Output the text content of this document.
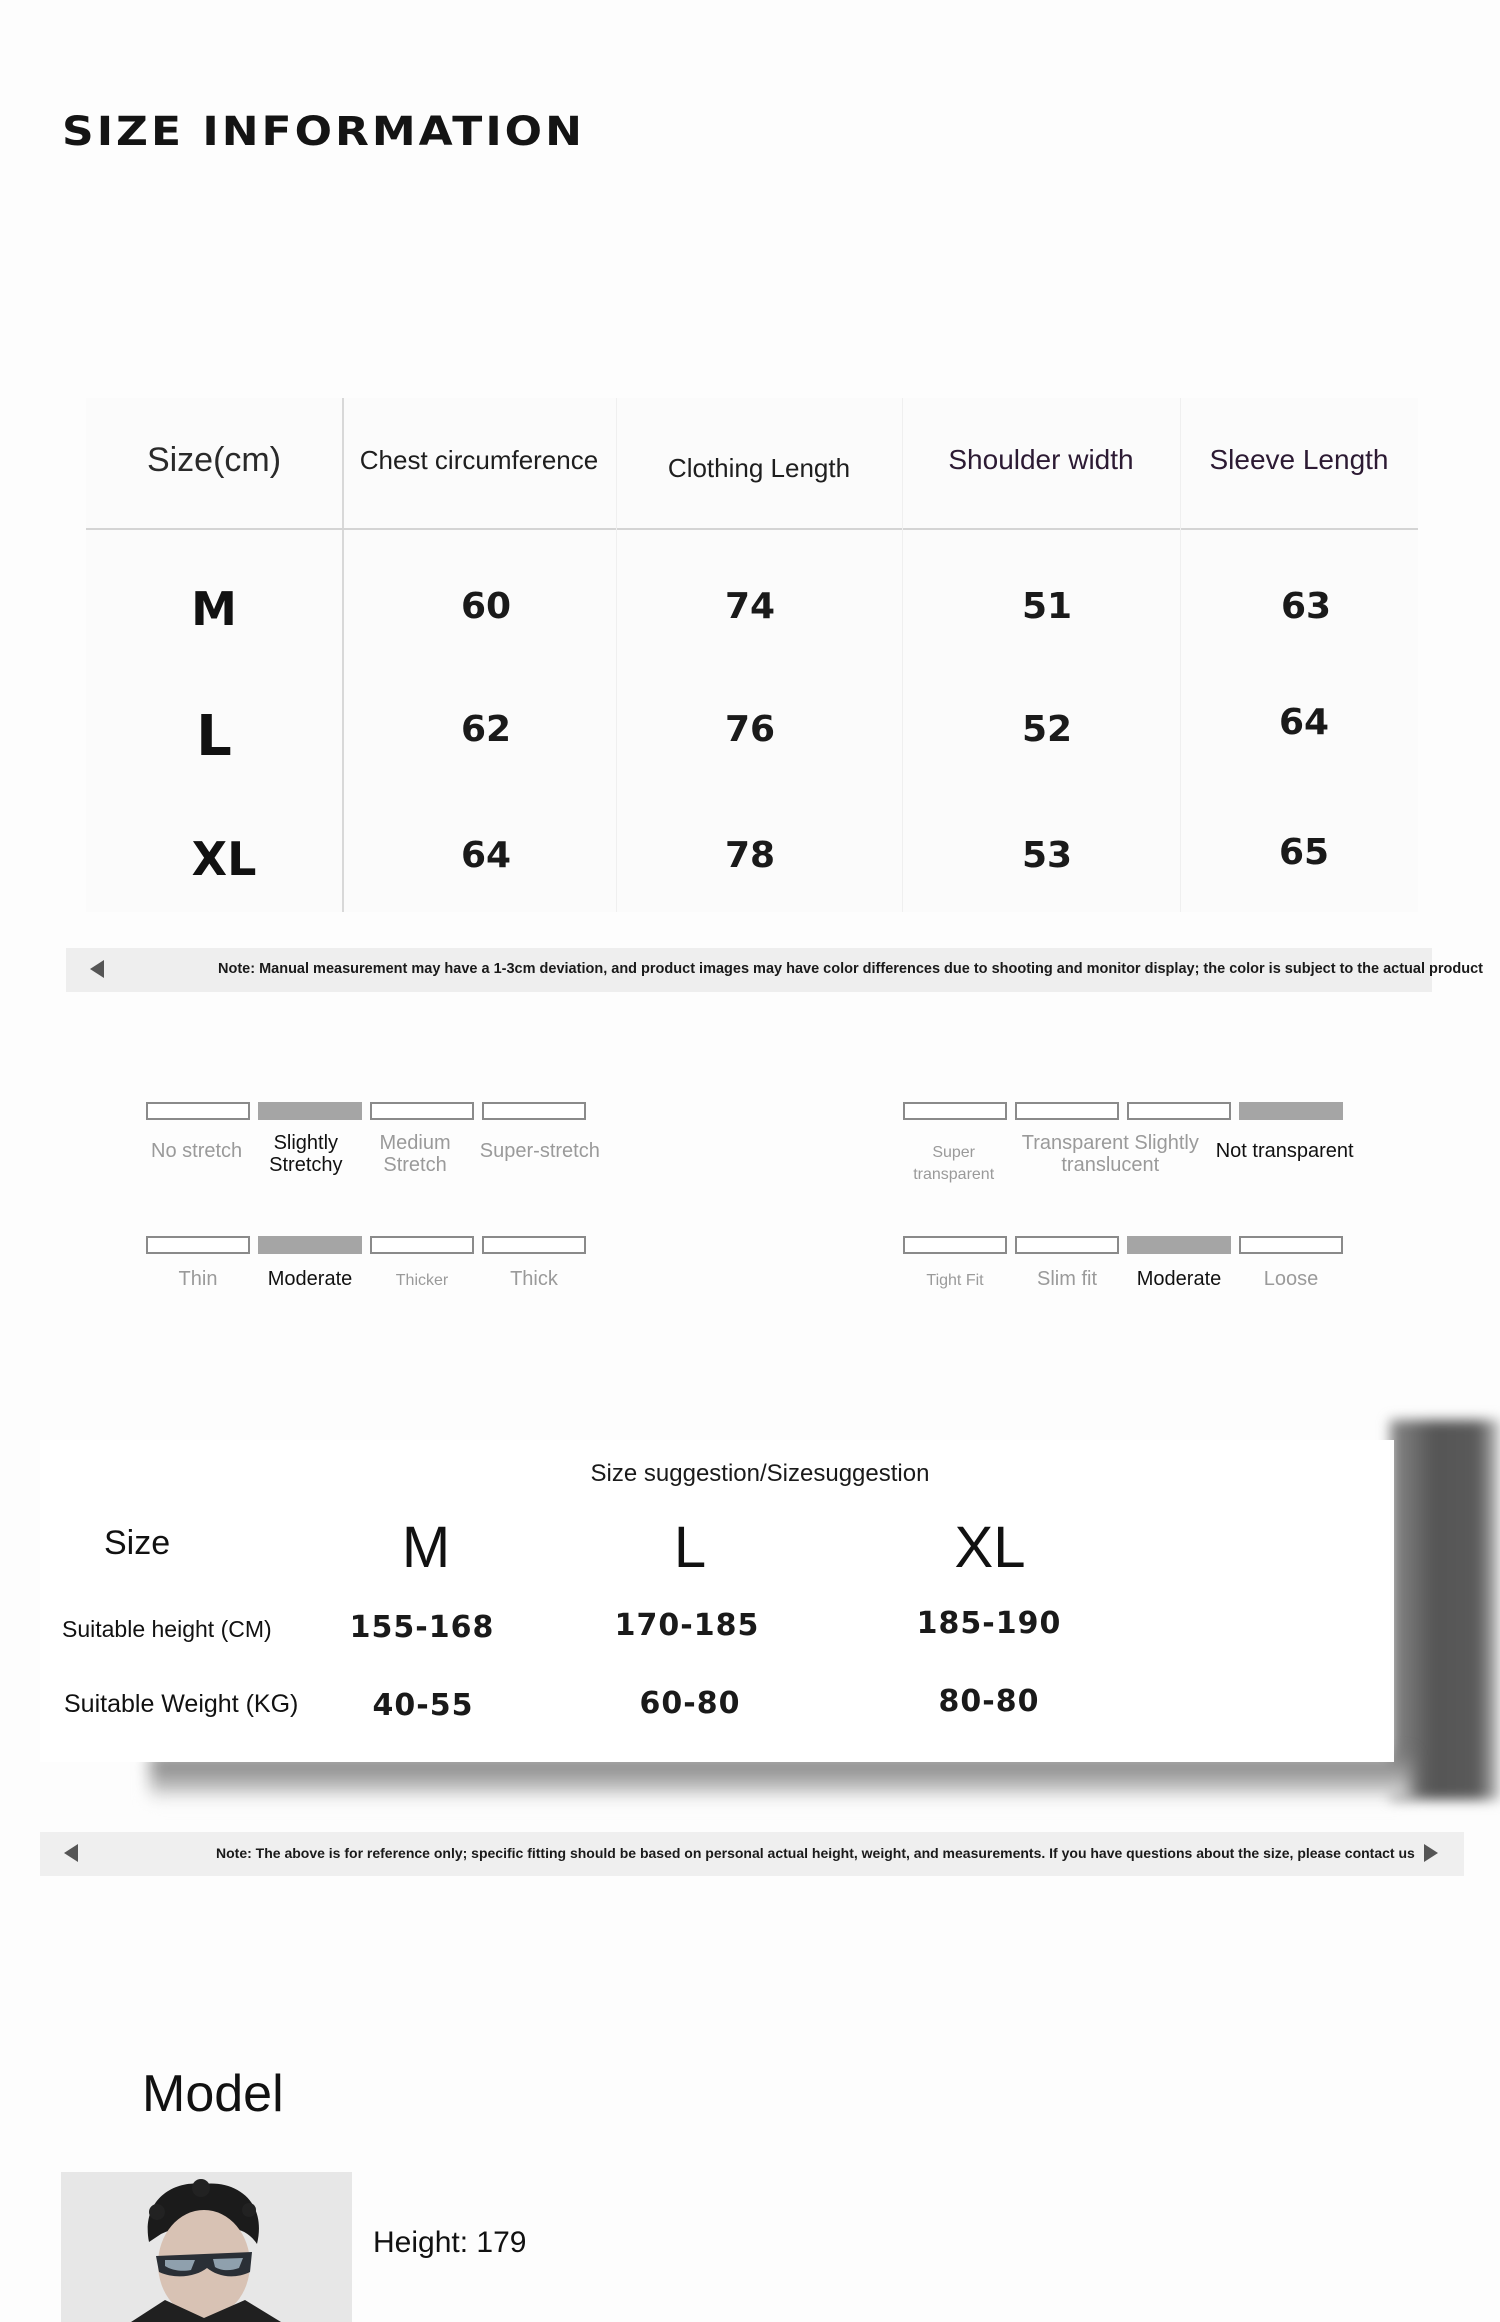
SIZE INFORMATION
Size(cm)	Chest circumference	Clothing Length	Shoulder width	Sleeve Length
M	60	74	51	63
L	62	76	52	64
XL	64	78	53	65
Note: Manual measurement may have a 1-3cm deviation, and product images may have color differences due to shooting and monitor display; the color is subject to the actual product
No stretch	Slightly Stretchy
Medium Stretch
Super-stretch	Super transparent
Transparent Slightly translucent
Not transparent
Thin	Moderate	Thicker	Thick	Tight Fit	Slim fit	Moderate	Loose
Size suggestion/Sizesuggestion
Size	M	L	XL
Suitable height (CM)	155-168	170-185	185-190
Suitable Weight (KG)	40-55	60-80	80-80
Note: The above is for reference only; specific fitting should be based on personal actual height, weight, and measurements. If you have questions about the size, please contact us
Model
Height: 179
